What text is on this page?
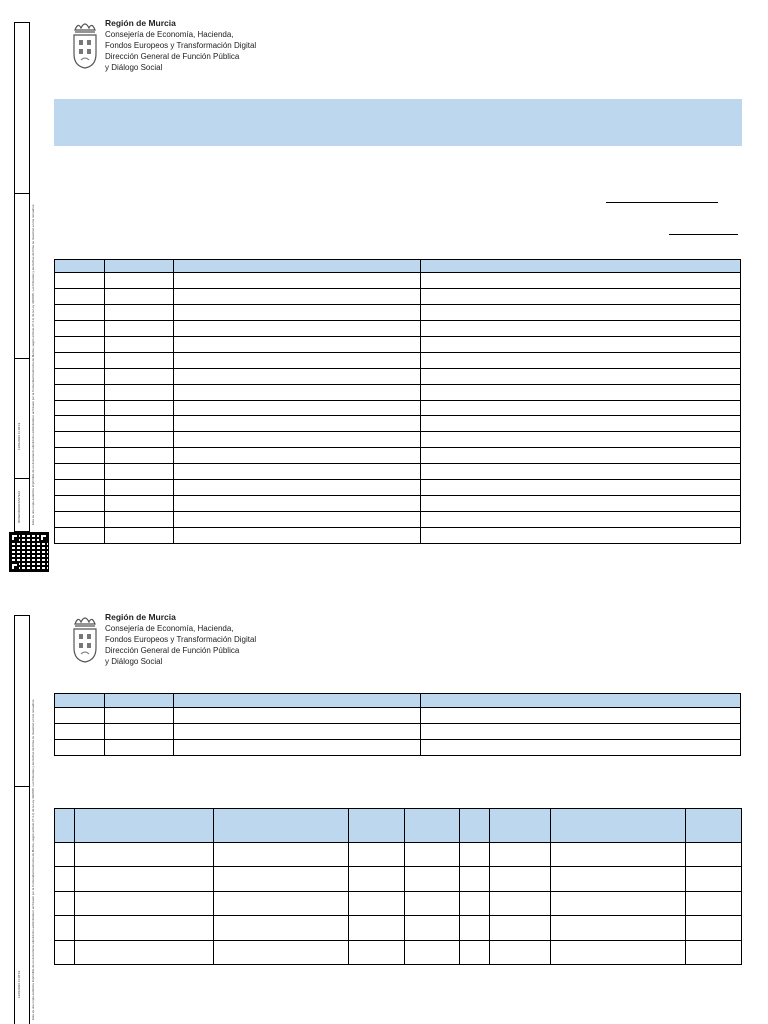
13/01/2026 11:38:19
ROSEN4E03CFA67E16	Esta es una copia auténtica imprimible de un documento electrónico administrativo archivado por la Comunidad Autónoma de Murcia, según artículo 27.3.c) de la Ley 39/2015. Los firmantes y las fechas de firma se muestran en los recuadros.
Región de Murcia
Consejería de Economía, Hacienda,
Fondos Europeos y Transformación Digital
Dirección General de Función Pública
y Diálogo Social

13/01/2026 11:38:19	Esta es una copia auténtica imprimible de un documento electrónico administrativo archivado por la Comunidad Autónoma de Murcia, según artículo 27.3.c) de la Ley 39/2015. Los firmantes y las fechas de firma se muestran en los recuadros.
Región de Murcia
Consejería de Economía, Hacienda,
Fondos Europeos y Transformación Digital
Dirección General de Función Pública
y Diálogo Social
